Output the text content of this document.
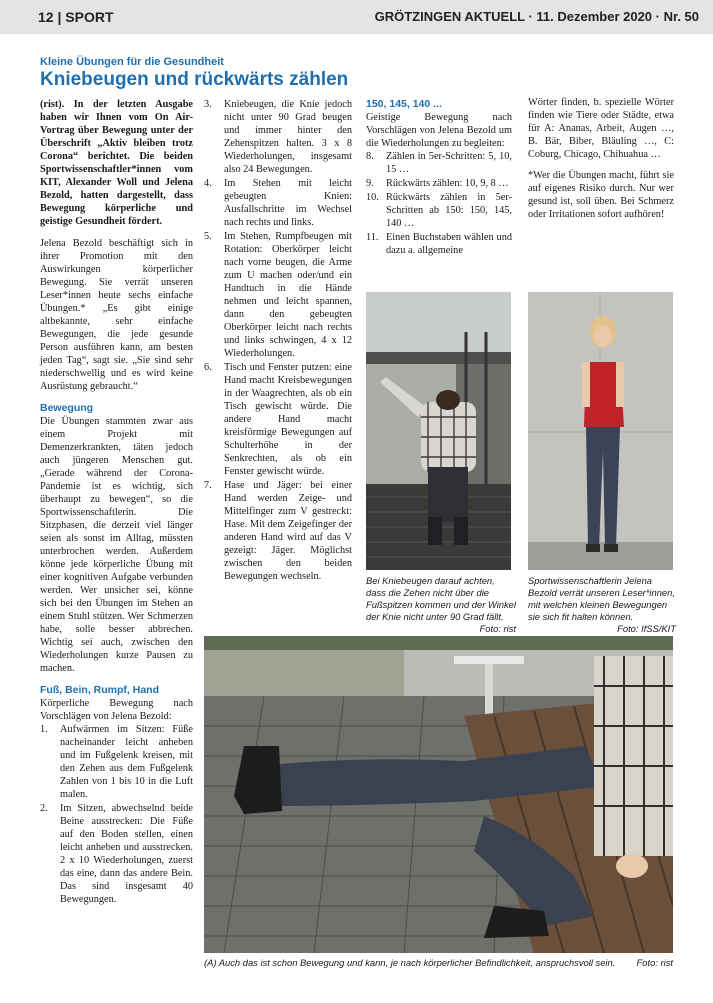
12 | SPORT	GRÖTZINGEN AKTUELL · 11. Dezember 2020 · Nr. 50
Kleine Übungen für die Gesundheit
Kniebeugen und rückwärts zählen

(rist). In der letzten Ausgabe haben wir Ihnen vom On Air-Vortrag über Bewegung unter der Überschrift „Aktiv bleiben trotz Corona“ berichtet. Die beiden Sportwissenschaftler*innen vom KIT, Alexander Woll und Jelena Bezold, hatten dargestellt, dass Bewegung körperliche und geistige Gesundheit fördert.

Jelena Bezold beschäftigt sich in ihrer Promotion mit den Auswirkungen körperlicher Bewegung. Sie verrät unseren Leser*innen heute sechs einfache Übungen.* „Es gibt einige altbekannte, sehr einfache Bewegungen, die jede gesunde Person ausführen kann, am besten jeden Tag“, sagt sie. „Sie sind sehr niederschwellig und es wird keine Ausrüstung gebraucht.“

Bewegung

Die Übungen stammten zwar aus einem Projekt mit Demenzerkrankten, täten jedoch auch jüngeren Menschen gut. „Gerade während der Corona-Pandemie ist es wichtig, sich überhaupt zu bewegen“, so die Sportwissenschaftlerin. Die Sitzphasen, die derzeit viel länger seien als sonst im Alltag, müssten unterbrochen werden. Außerdem könne jede körperliche Übung mit einer kognitiven Aufgabe verbunden werden. Wer unsicher sei, könne sich bei den Übungen im Stehen an einem Stuhl stützen. Wer Schmerzen habe, solle besser abbrechen. Wichtig sei auch, zwischen den Wiederholungen kurze Pausen zu machen.

Fuß, Bein, Rumpf, Hand

Körperliche Bewegung nach Vorschlägen von Jelena Bezold:

1. Aufwärmen im Sitzen: Füße nacheinander leicht anheben und im Fußgelenk kreisen, mit den Zehen aus dem Fußgelenk Zahlen von 1 bis 10 in die Luft malen.
2. Im Sitzen, abwechselnd beide Beine ausstrecken: Die Füße auf den Boden stellen, einen leicht anheben und ausstrecken. 2 x 10 Wiederholungen, zuerst das eine, dann das andere Bein. Das sind insgesamt 40 Bewegungen.
3. Kniebeugen, die Knie jedoch nicht unter 90 Grad beugen und immer hinter den Zehenspitzen halten. 3 x 8 Wiederholungen, insgesamt also 24 Bewegungen.
4. Im Stehen mit leicht gebeugten Knien: Ausfallschritte im Wechsel nach rechts und links.
5. Im Stehen, Rumpfbeugen mit Rotation: Oberkörper leicht nach vorne beugen, die Arme zum U machen oder/und ein Handtuch in die Hände nehmen und leicht spannen, dann den gebeugten Oberkörper leicht nach rechts und links schwingen, 4 x 12 Wiederholungen.
6. Tisch und Fenster putzen: eine Hand macht Kreisbewegungen in der Waagrechten, als ob ein Tisch gewischt würde. Die andere Hand macht kreisförmige Bewegungen auf Schulterhöhe in der Senkrechten, als ob ein Fenster gewischt würde.
7. Hase und Jäger: bei einer Hand werden Zeige- und Mittelfinger zum V gestreckt: Hase. Mit dem Zeigefinger der anderen Hand wird auf das V gezeigt: Jäger. Möglichst zwischen den beiden Bewegungen wechseln.
150, 145, 140 ...

Geistige Bewegung nach Vorschlägen von Jelena Bezold um die Wiederholungen zu begleiten:

8. Zählen in 5er-Schritten: 5, 10, 15 …
9. Rückwärts zählen: 10, 9, 8 …
10. Rückwärts zählen in 5er-Schritten ab 150: 150, 145, 140 …
11. Einen Buchstaben wählen und dazu a. allgemeine

Wörter finden, b. spezielle Wörter finden wie Tiere oder Städte, etwa für A: Ananas, Arbeit, Augen …, B. Bär, Biber, Bläuling …, C: Coburg, Chicago, Chihuahua …

*Wer die Übungen macht, führt sie auf eigenes Risiko durch. Nur wer gesund ist, soll üben. Bei Schmerz oder Irritationen sofort aufhören!

Bei Kniebeugen darauf achten, dass die Zehen nicht über die Fußspitzen kommen und der Winkel der Knie nicht unter 90 Grad fällt.
Foto: rist
Sportwissenschaftlerin Jelena Bezold verrät unseren Leser*innen, mit welchen kleinen Bewegungen sie sich fit halten können.
Foto: IfSS/KIT
(A) Auch das ist schon Bewegung und kann, je nach körperlicher Befindlichkeit, anspruchsvoll sein. Foto: rist
